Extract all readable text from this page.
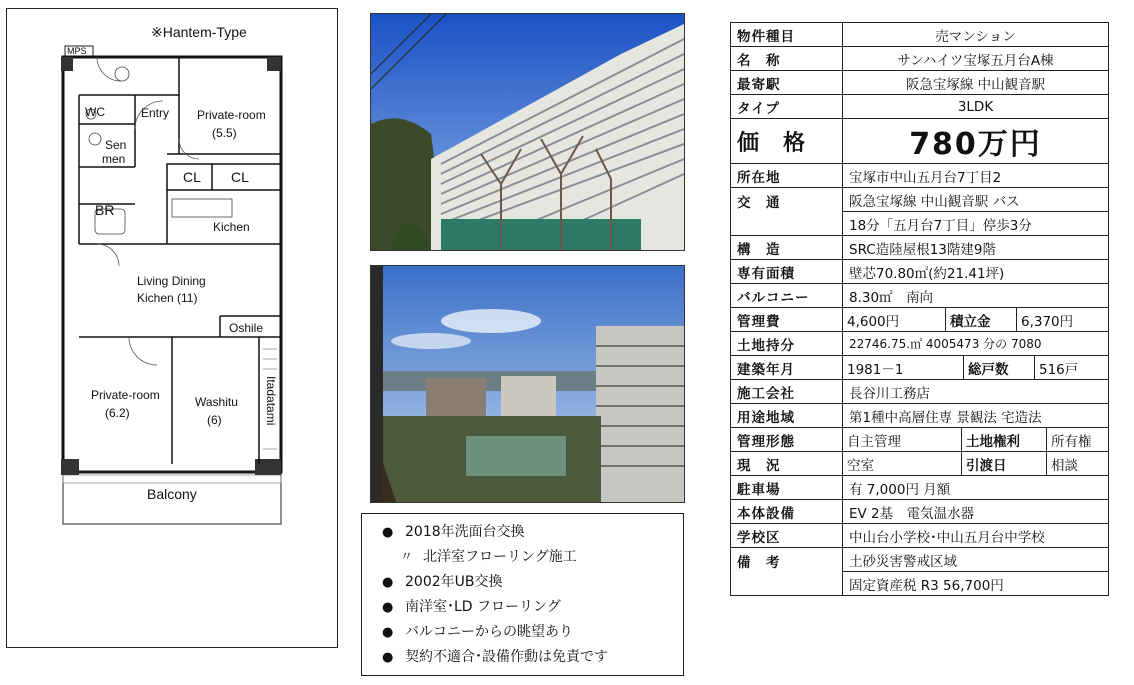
※Hantem-Type
MPS
WC	Entry Private-room
(5.5)
Sen
men
CL CL
BR
Kichen
Living Dining
Kichen (11)
Oshile
Private-room
(6.2)
Washitu
(6)	Itadatami
Balcony
● 2018年洗面台交換
〃 北洋室フローリング施工
● 2002年UB交換
● 南洋室･LD フローリング
● バルコニーからの眺望あり
● 契約不適合･設備作動は免責です
物件種目	売マンション
名　称	サンハイツ宝塚五月台A棟
最寄駅	阪急宝塚線 中山観音駅
タイプ	3LDK
価　格	780万円
所在地	宝塚市中山五月台7丁目2
交　通	阪急宝塚線 中山観音駅 バス
	18分「五月台7丁目」停歩3分
構　造	SRC造陸屋根13階建9階
専有面積	壁芯70.80㎡(約21.41坪)
バルコニー	8.30㎡　南向
管理費	4,600円 積立金 6,370円

土地持分	22746.75.㎡ 4005473 分の 7080
建築年月	1981－1 総戸数 516戸

施工会社	長谷川工務店
用途地域	第1種中高層住専 景観法 宅造法
管理形態	自主管理 土地権利 所有権

現　況	空室 引渡日 相談

駐車場	有 7,000円 月額
本体設備	EV 2基　電気温水器
学校区	中山台小学校･中山五月台中学校
備　考	土砂災害警戒区域
	固定資産税 R3 56,700円
